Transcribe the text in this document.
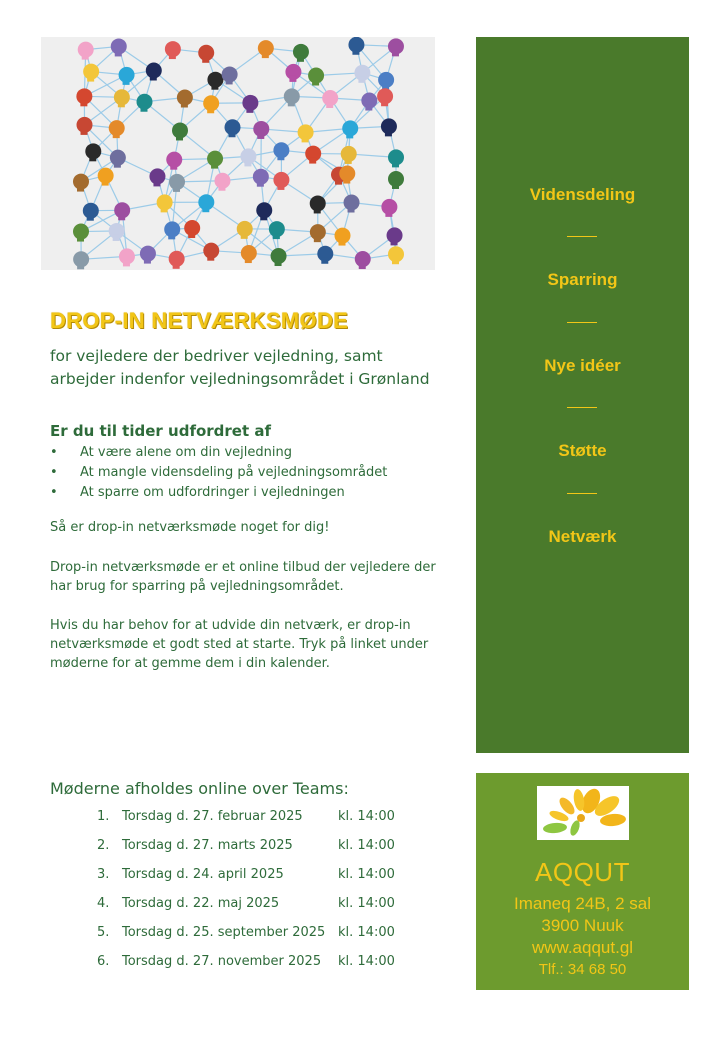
DROP-IN NETVÆRKSMØDE
for vejledere der bedriver vejledning, samt
arbejder indenfor vejledningsområdet i Grønland
Er du til tider udfordret af
•	At være alene om din vejledning
•	At mangle vidensdeling på vejledningsområdet
•	At sparre om udfordringer i vejledningen
Så er drop-in netværksmøde noget for dig!
Drop-in netværksmøde er et online tilbud der vejledere der
har brug for sparring på vejledningsområdet.
Hvis du har behov for at udvide din netværk, er drop-in
netværksmøde et godt sted at starte. Tryk på linket under
møderne for at gemme dem i din kalender.
Møderne afholdes online over Teams:
1. Torsdag d. 27. februar 2025	kl. 14:00
2. Torsdag d. 27. marts 2025	kl. 14:00
3. Torsdag d. 24. april 2025	kl. 14:00
4. Torsdag d. 22. maj 2025	kl. 14:00
5. Torsdag d. 25. september 2025 kl. 14:00
6. Torsdag d. 27. november 2025	kl. 14:00
Vidensdeling
Sparring
Nye idéer
Støtte
Netværk
AQQUT
Imaneq 24B, 2 sal
3900 Nuuk
www.aqqut.gl
Tlf.: 34 68 50
